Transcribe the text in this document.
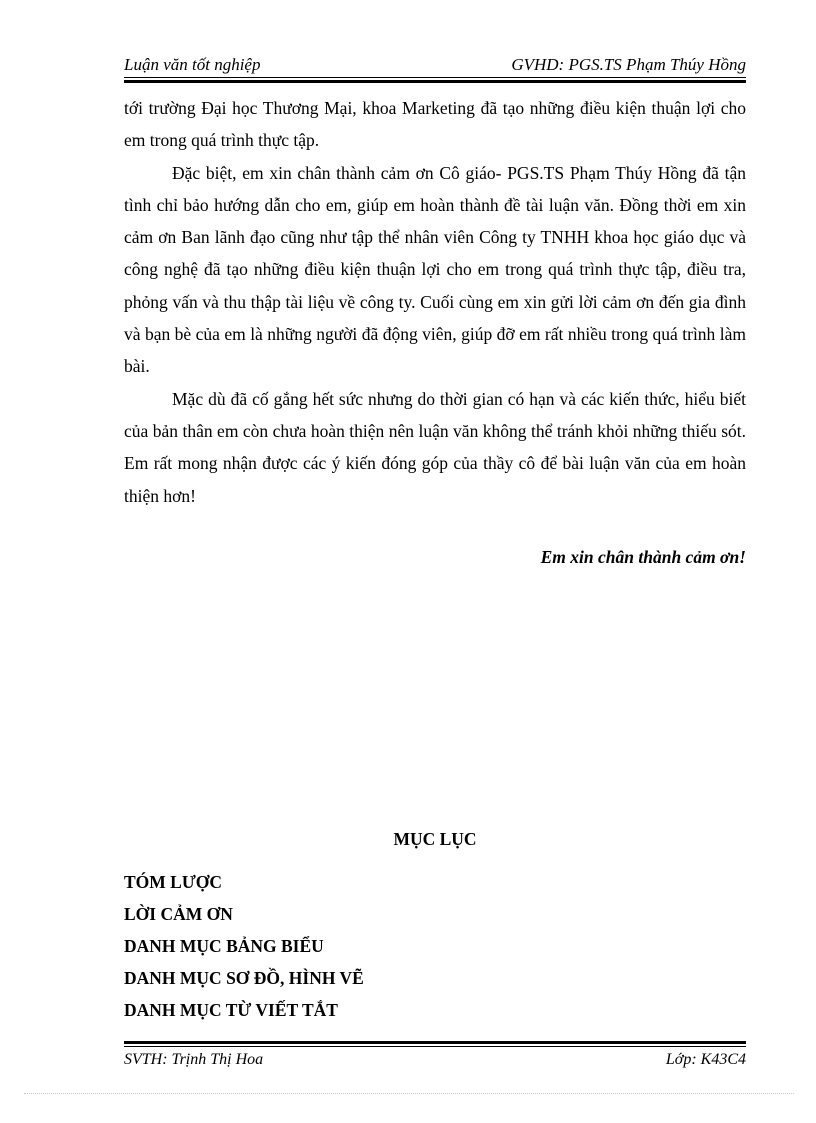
Luận văn tốt nghiệp	GVHD: PGS.TS Phạm Thúy Hồng

tới trường Đại học Thương Mại, khoa Marketing đã tạo những điều kiện thuận lợi cho em trong quá trình thực tập.

Đặc biệt, em xin chân thành cảm ơn Cô giáo- PGS.TS Phạm Thúy Hồng đã tận tình chỉ bảo hướng dẫn cho em, giúp em hoàn thành đề tài luận văn. Đồng thời em xin cảm ơn Ban lãnh đạo cũng như tập thể nhân viên Công ty TNHH khoa học giáo dục và công nghệ đã tạo những điều kiện thuận lợi cho em trong quá trình thực tập, điều tra, phỏng vấn và thu thập tài liệu về công ty. Cuối cùng em xin gửi lời cảm ơn đến gia đình và bạn bè của em là những người đã động viên, giúp đỡ em rất nhiều trong quá trình làm bài.

Mặc dù đã cố gắng hết sức nhưng do thời gian có hạn và các kiến thức, hiểu biết của bản thân em còn chưa hoàn thiện nên luận văn không thể tránh khỏi những thiếu sót. Em rất mong nhận được các ý kiến đóng góp của thầy cô để bài luận văn của em hoàn thiện hơn!

Em xin chân thành cảm ơn!
MỤC LỤC
TÓM LƯỢC
LỜI CẢM ƠN
DANH MỤC BẢNG BIỂU
DANH MỤC SƠ ĐỒ, HÌNH VẼ
DANH MỤC TỪ VIẾT TẮT
SVTH: Trịnh Thị Hoa	Lớp: K43C4
